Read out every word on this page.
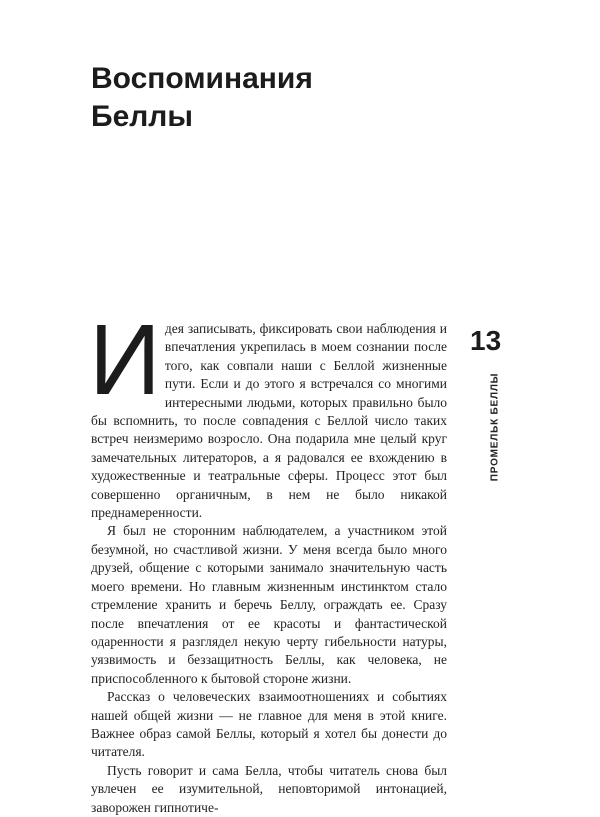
Воспоминания
Беллы
13
ПРОМЕЛЬК БЕЛЛЫ
И дея записывать, фиксировать свои наблюдения и впечатления укрепилась в моем сознании после того, как совпали наши с Беллой жизненные пути. Если и до этого я встречался со многими интересными людьми, которых правильно было бы вспомнить, то после совпадения с Беллой число таких встреч неизмеримо возросло. Она подарила мне целый круг замечательных литераторов, а я радовался ее вхождению в художественные и театральные сферы. Процесс этот был совершенно органичным, в нем не было никакой преднамеренности.

Я был не сторонним наблюдателем, а участником этой безумной, но счастливой жизни. У меня всегда было много друзей, общение с которыми занимало значительную часть моего времени. Но главным жизненным инстинктом стало стремление хранить и беречь Беллу, ограждать ее. Сразу после впечатления от ее красоты и фантастической одаренности я разглядел некую черту гибельности натуры, уязвимость и беззащитность Беллы, как человека, не приспособленного к бытовой стороне жизни.

Рассказ о человеческих взаимоотношениях и событиях нашей общей жизни — не главное для меня в этой книге. Важнее образ самой Беллы, который я хотел бы донести до читателя.

Пусть говорит и сама Белла, чтобы читатель снова был увлечен ее изумительной, неповторимой интонацией, заворожен гипнотиче-
